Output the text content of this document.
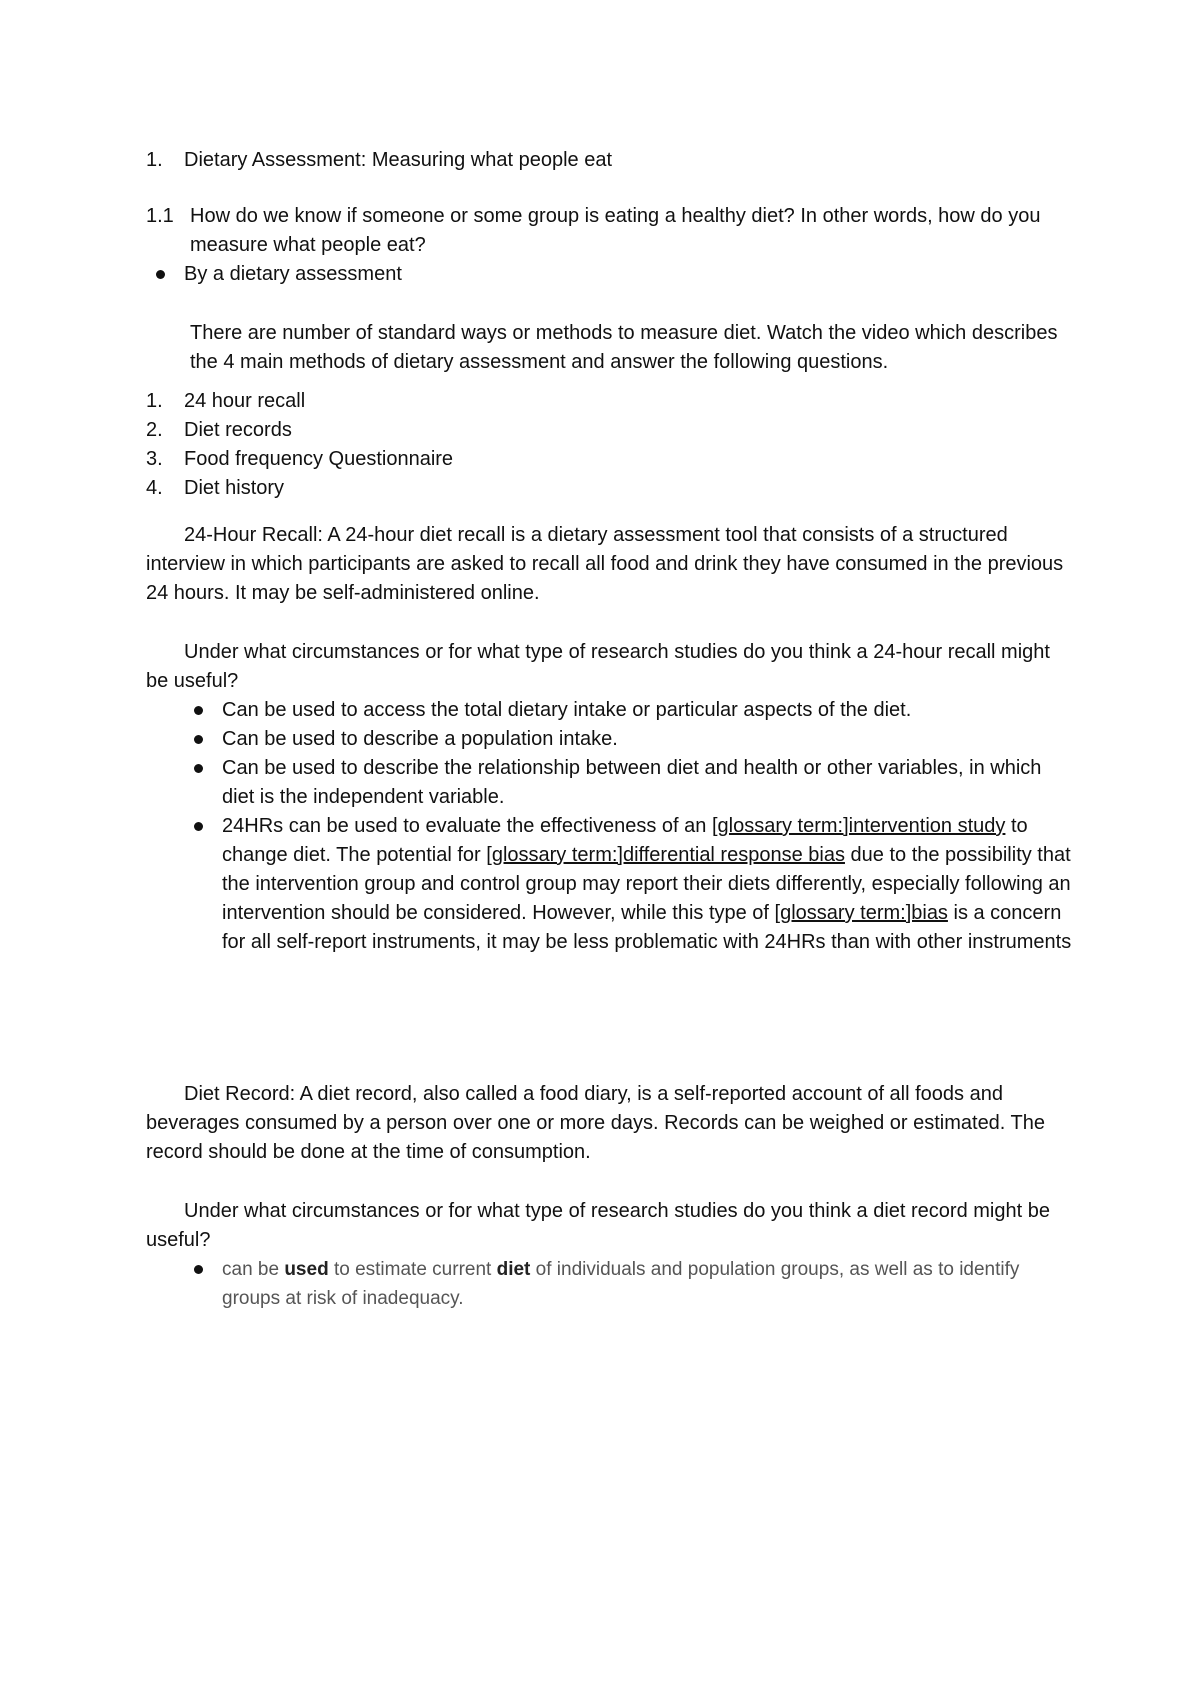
1.	Dietary Assessment: Measuring what people eat
1.1 How do we know if someone or some group is eating a healthy diet? In other words, how do you measure what people eat?
By a dietary assessment

There are number of standard ways or methods to measure diet. Watch the video which describes the 4 main methods of dietary assessment and answer the following questions.

1.	24 hour recall
2.	Diet records
3.	Food frequency Questionnaire
4.	Diet history

24-Hour Recall: A 24-hour diet recall is a dietary assessment tool that consists of a structured interview in which participants are asked to recall all food and drink they have consumed in the previous 24 hours. It may be self-administered online.

Under what circumstances or for what type of research studies do you think a 24-hour recall might be useful?

Can be used to access the total dietary intake or particular aspects of the diet.
Can be used to describe a population intake.
Can be used to describe the relationship between diet and health or other variables, in which diet is the independent variable.
24HRs can be used to evaluate the effectiveness of an [glossary term:]intervention study to change diet. The potential for [glossary term:]differential response bias due to the possibility that the intervention group and control group may report their diets differently, especially following an intervention should be considered. However, while this type of [glossary term:]bias is a concern for all self-report instruments, it may be less problematic with 24HRs than with other instruments

Diet Record: A diet record, also called a food diary, is a self-reported account of all foods and beverages consumed by a person over one or more days. Records can be weighed or estimated. The record should be done at the time of consumption.

Under what circumstances or for what type of research studies do you think a diet record might be useful?

can be used to estimate current diet of individuals and population groups, as well as to identify groups at risk of inadequacy.
